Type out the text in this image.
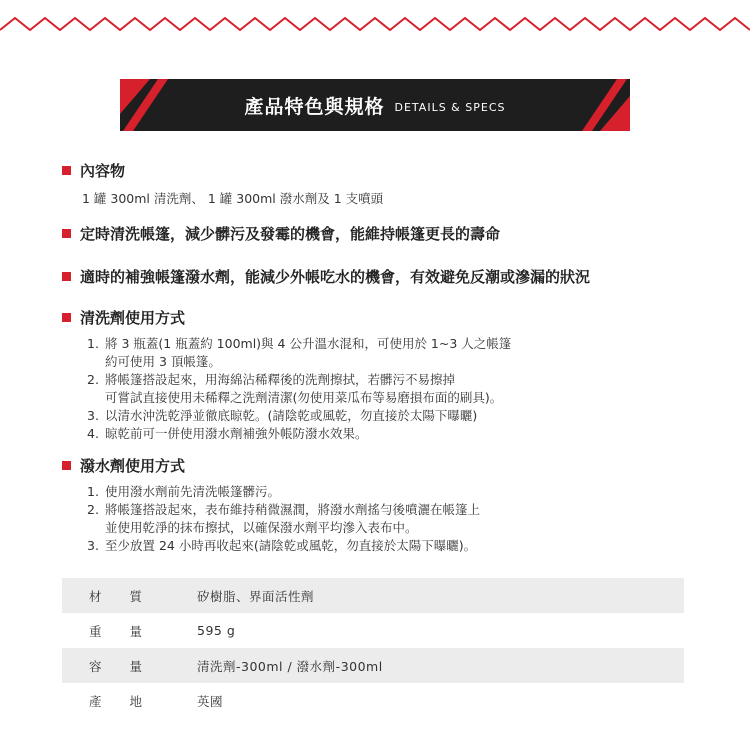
產品特色與規格 DETAILS & SPECS
內容物
1 罐 300ml 清洗劑、 1 罐 300ml 潑水劑及 1 支噴頭
定時清洗帳篷，減少髒污及發霉的機會，能維持帳篷更長的壽命
適時的補強帳篷潑水劑，能減少外帳吃水的機會，有效避免反潮或滲漏的狀況
清洗劑使用方式
1. 將 3 瓶蓋(1 瓶蓋約 100ml)與 4 公升溫水混和，可使用於 1~3 人之帳篷
約可使用 3 頂帳篷。
2. 將帳篷搭設起來，用海綿沾稀釋後的洗劑擦拭，若髒污不易擦掉
可嘗試直接使用未稀釋之洗劑清潔(勿使用菜瓜布等易磨損布面的刷具)。
3. 以清水沖洗乾淨並徹底晾乾。(請陰乾或風乾，勿直接於太陽下曝曬)
4. 晾乾前可一併使用潑水劑補強外帳防潑水效果。
潑水劑使用方式
1. 使用潑水劑前先清洗帳篷髒污。
2. 將帳篷搭設起來，表布維持稍微濕潤，將潑水劑搖勻後噴灑在帳篷上
並使用乾淨的抹布擦拭，以確保潑水劑平均滲入表布中。
3. 至少放置 24 小時再收起來(請陰乾或風乾，勿直接於太陽下曝曬)。
材質	矽樹脂、界面活性劑
重量	595 g
容量	清洗劑-300ml / 潑水劑-300ml
產地	英國
